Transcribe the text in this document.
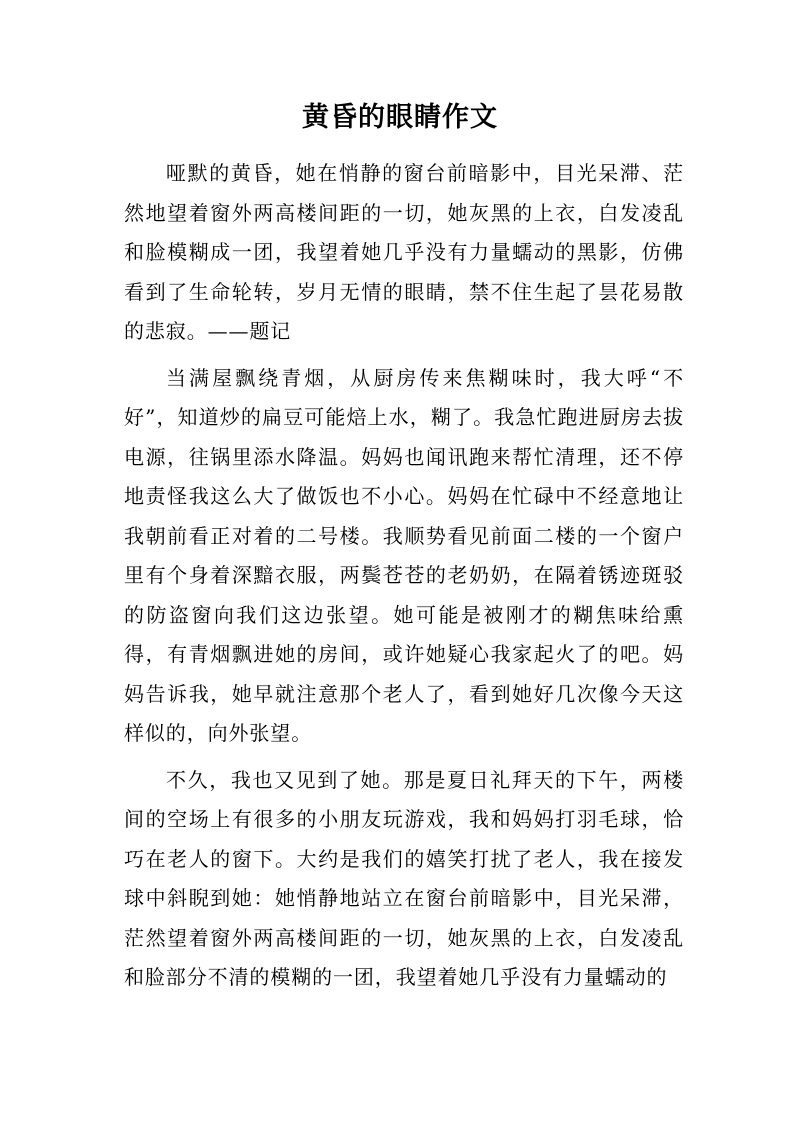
黄昏的眼睛作文

哑默的黄昏，她在悄静的窗台前暗影中，目光呆滞、茫然地望着窗外两高楼间距的一切，她灰黑的上衣，白发凌乱和脸模糊成一团，我望着她几乎没有力量蠕动的黑影，仿佛看到了生命轮转，岁月无情的眼睛，禁不住生起了昙花易散的悲寂。——题记

当满屋飘绕青烟，从厨房传来焦糊味时，我大呼“不好”，知道炒的扁豆可能焙上水，糊了。我急忙跑进厨房去拔电源，往锅里添水降温。妈妈也闻讯跑来帮忙清理，还不停地责怪我这么大了做饭也不小心。妈妈在忙碌中不经意地让我朝前看正对着的二号楼。我顺势看见前面二楼的一个窗户里有个身着深黯衣服，两鬓苍苍的老奶奶，在隔着锈迹斑驳的防盗窗向我们这边张望。她可能是被刚才的糊焦味给熏得，有青烟飘进她的房间，或许她疑心我家起火了的吧。妈妈告诉我，她早就注意那个老人了，看到她好几次像今天这样似的，向外张望。

不久，我也又见到了她。那是夏日礼拜天的下午，两楼间的空场上有很多的小朋友玩游戏，我和妈妈打羽毛球，恰巧在老人的窗下。大约是我们的嬉笑打扰了老人，我在接发球中斜睨到她：她悄静地站立在窗台前暗影中，目光呆滞，茫然望着窗外两高楼间距的一切，她灰黑的上衣，白发凌乱和脸部分不清的模糊的一团，我望着她几乎没有力量蠕动的
